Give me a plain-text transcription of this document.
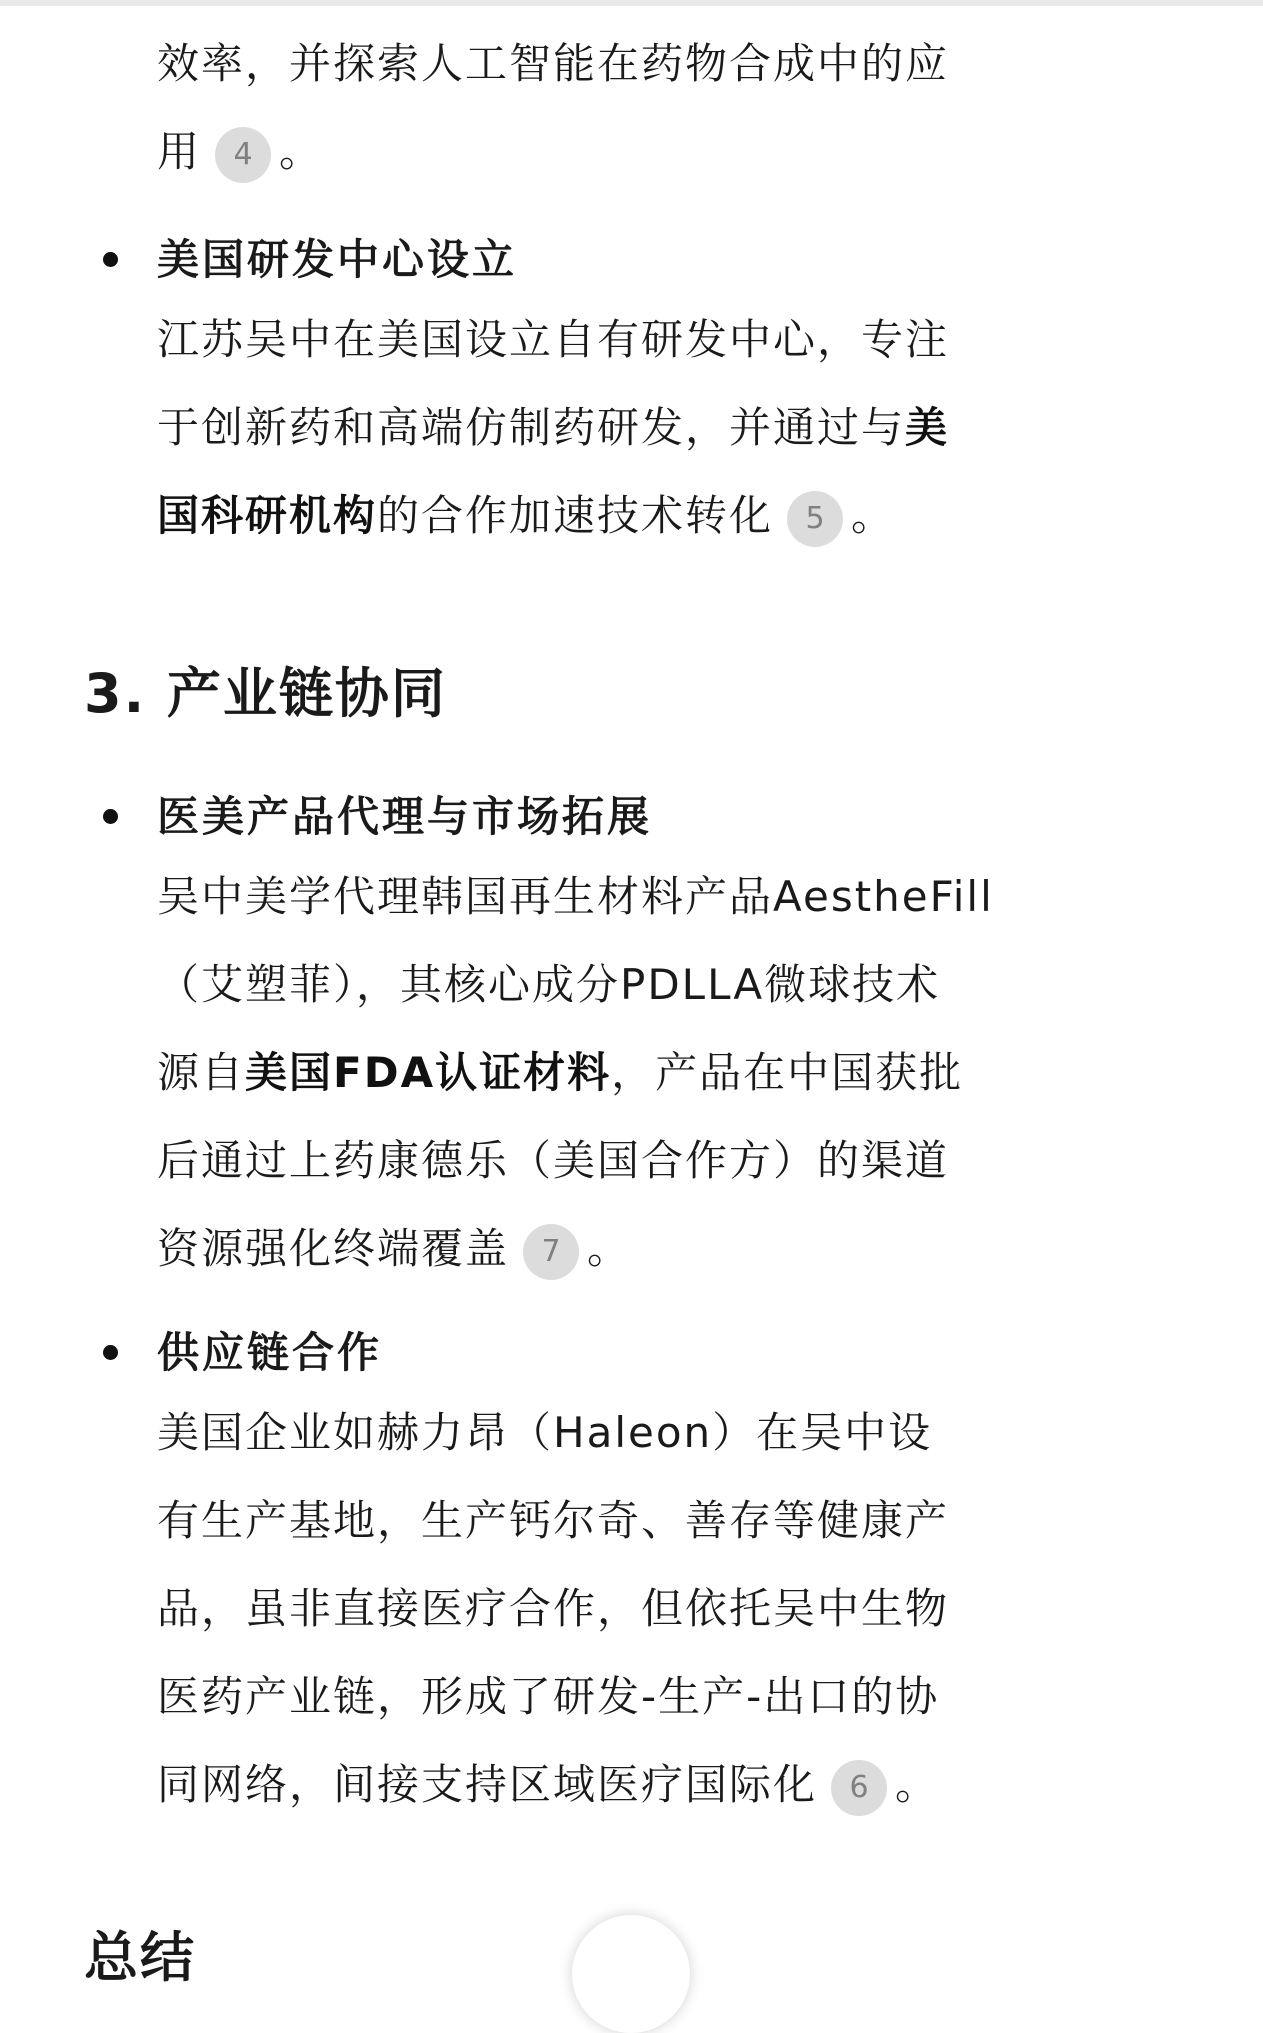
效率，并探索人工智能在药物合成中的应
用 4 。
美国研发中心设立
江苏吴中在美国设立自有研发中心，专注
于创新药和高端仿制药研发，并通过与美
国科研机构的合作加速技术转化 5 。
3. 产业链协同
医美产品代理与市场拓展
吴中美学代理韩国再生材料产品AestheFill
（艾塑菲），其核心成分PDLLA微球技术
源自美国FDA认证材料，产品在中国获批
后通过上药康德乐（美国合作方）的渠道
资源强化终端覆盖 7 。
供应链合作
美国企业如赫力昂（Haleon）在吴中设
有生产基地，生产钙尔奇、善存等健康产
品，虽非直接医疗合作，但依托吴中生物
医药产业链，形成了研发-生产-出口的协
同网络，间接支持区域医疗国际化 6 。
总结
